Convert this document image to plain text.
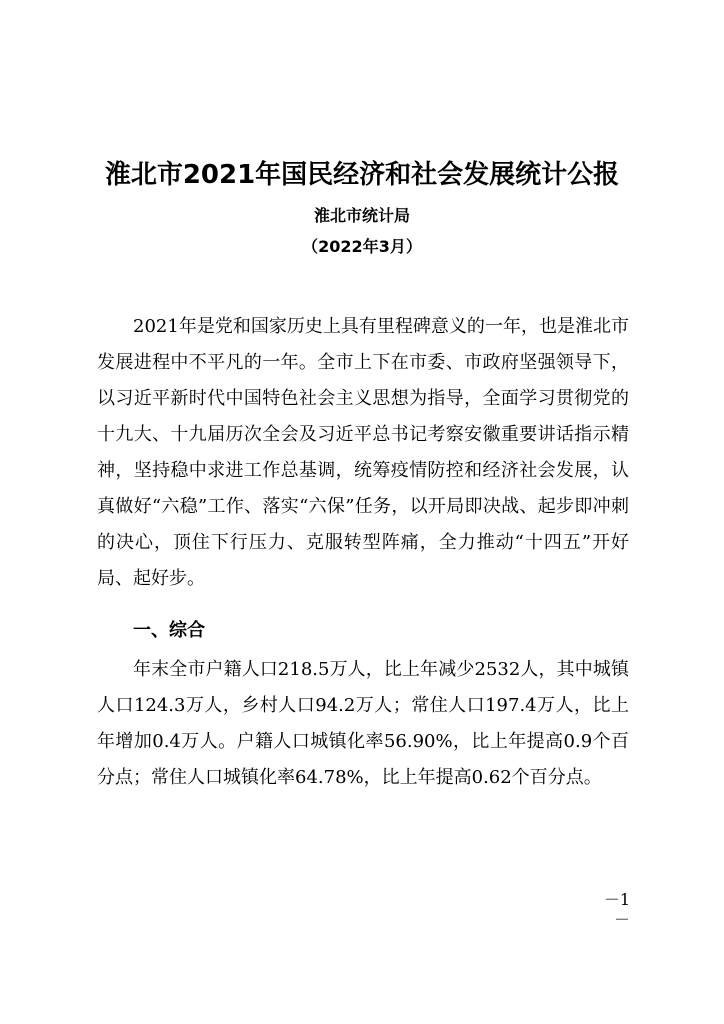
淮北市2021年国民经济和社会发展统计公报
淮北市统计局
（2022年3月）

2021年是党和国家历史上具有里程碑意义的一年，也是淮北市发展进程中不平凡的一年。全市上下在市委、市政府坚强领导下，以习近平新时代中国特色社会主义思想为指导，全面学习贯彻党的十九大、十九届历次全会及习近平总书记考察安徽重要讲话指示精神，坚持稳中求进工作总基调，统筹疫情防控和经济社会发展，认真做好“六稳”工作、落实“六保”任务，以开局即决战、起步即冲刺的决心，顶住下行压力、克服转型阵痛，全力推动“十四五”开好局、起好步。

一、综合

年末全市户籍人口218.5万人，比上年减少2532人，其中城镇人口124.3万人，乡村人口94.2万人；常住人口197.4万人，比上年增加0.4万人。户籍人口城镇化率56.90%，比上年提高0.9个百分点；常住人口城镇化率64.78%，比上年提高0.62个百分点。

－1－
